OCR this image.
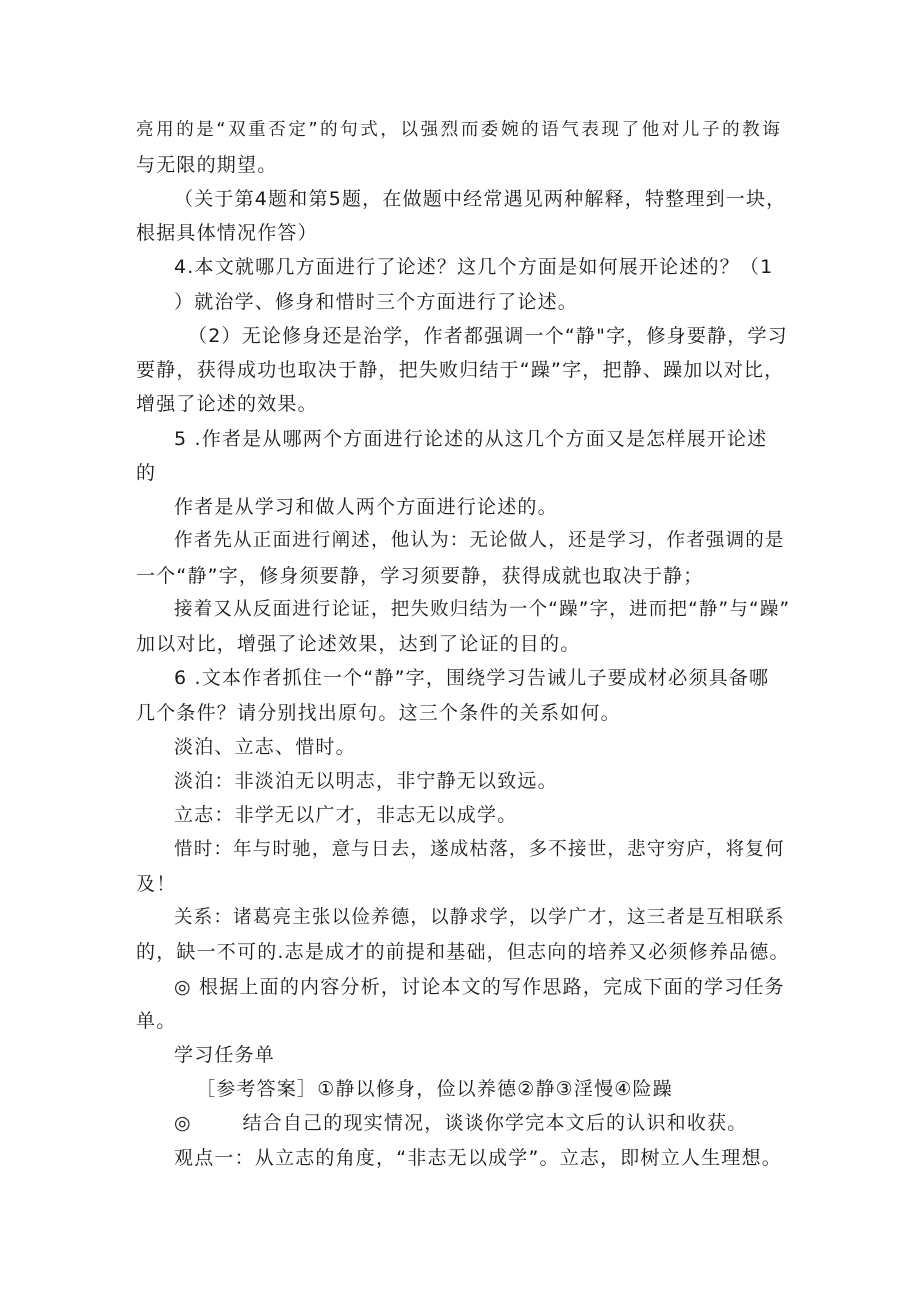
亮用的是“双重否定”的句式，以强烈而委婉的语气表现了他对儿子的教诲
与无限的期望。
（关于第4题和第5题，在做题中经常遇见两种解释，特整理到一块，
根据具体情况作答）
4.本文就哪几方面进行了论述？这几个方面是如何展开论述的？（1
）就治学、修身和惜时三个方面进行了论述。
（2）无论修身还是治学，作者都强调一个“静"字，修身要静，学习
要静，获得成功也取决于静，把失败归结于“躁”字，把静、躁加以对比，
增强了论述的效果。
5 .作者是从哪两个方面进行论述的从这几个方面又是怎样展开论述
的
作者是从学习和做人两个方面进行论述的。
作者先从正面进行阐述，他认为：无论做人，还是学习，作者强调的是
一个“静”字，修身须要静，学习须要静，获得成就也取决于静；
接着又从反面进行论证，把失败归结为一个“躁”字，进而把“静”与“躁”
加以对比，增强了论述效果，达到了论证的目的。
6 .文本作者抓住一个“静”字，围绕学习告诫儿子要成材必须具备哪
几个条件？请分别找出原句。这三个条件的关系如何。
淡泊、立志、惜时。
淡泊：非淡泊无以明志，非宁静无以致远。
立志：非学无以广才，非志无以成学。
惜时：年与时驰，意与日去，遂成枯落，多不接世，悲守穷庐，将复何
及！
关系：诸葛亮主张以俭养德，以静求学，以学广才，这三者是互相联系
的，缺一不可的.志是成才的前提和基础，但志向的培养又必须修养品德。
◎ 根据上面的内容分析，讨论本文的写作思路，完成下面的学习任务
单。
学习任务单
［参考答案］①静以修身，俭以养德②静③淫慢④险躁
◎       结合自己的现实情况，谈谈你学完本文后的认识和收获。
观点一：从立志的角度，“非志无以成学”。立志，即树立人生理想。
